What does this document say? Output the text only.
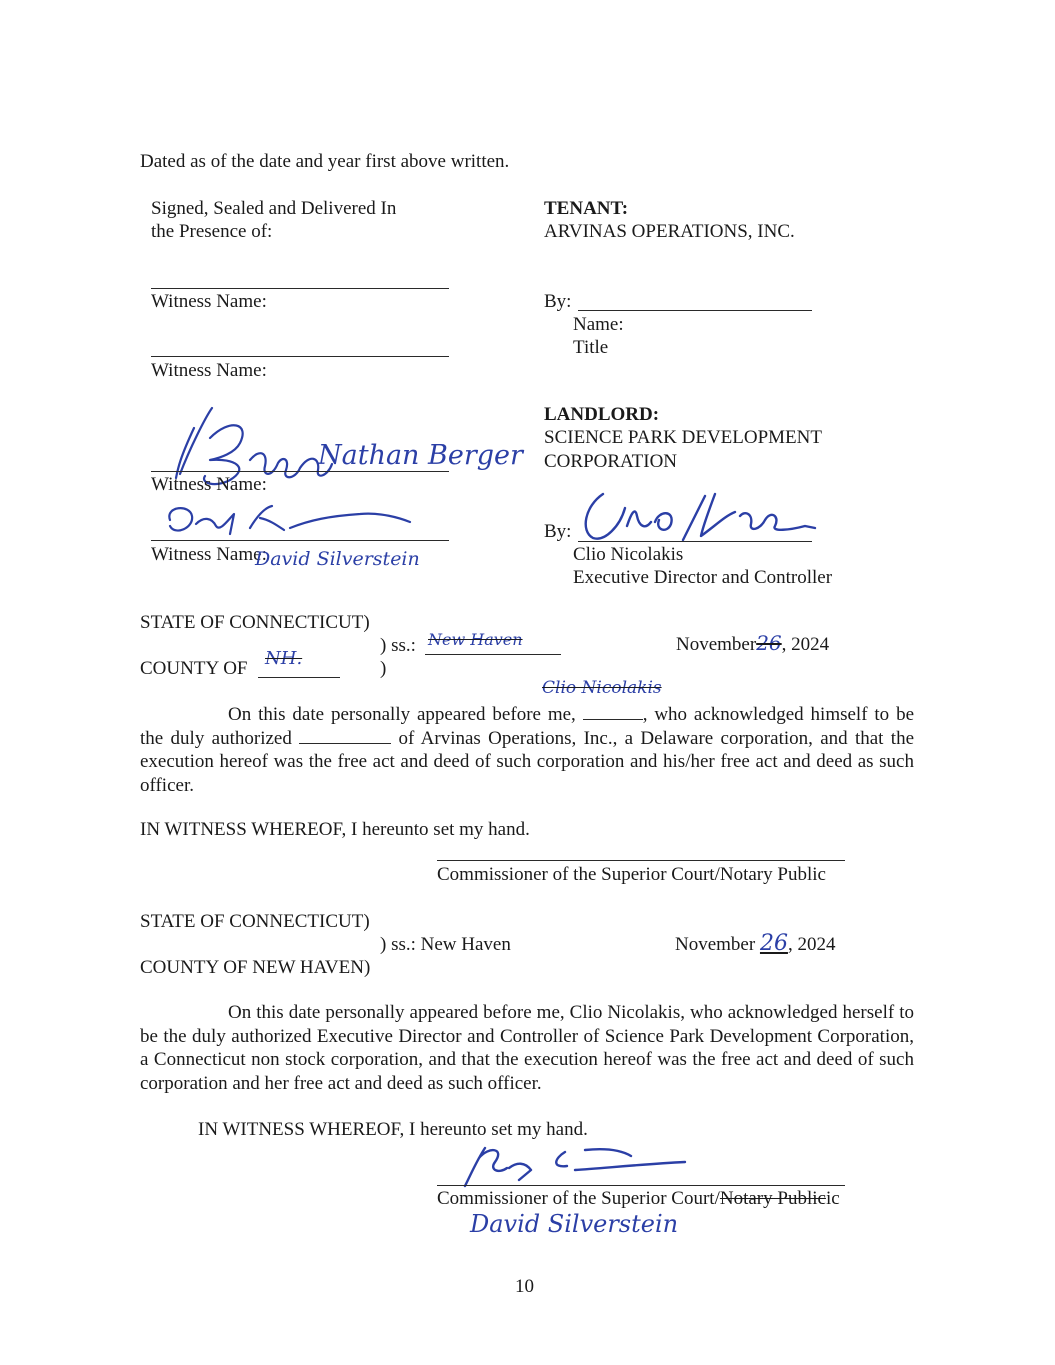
Dated as of the date and year first above written.
Signed, Sealed and Delivered In
the Presence of:
Witness Name:
Witness Name:
Nathan Berger
Witness Name:
Witness Name:
David Silverstein
TENANT:
ARVINAS OPERATIONS, INC.
By:
Name:
Title
LANDLORD:
SCIENCE PARK DEVELOPMENT
CORPORATION
By:
Clio Nicolakis
Executive Director and Controller
STATE OF CONNECTICUT)
) ss.: New Haven
COUNTY OF NH.	)
November26, 2024
Clio Nicolakis
On this date personally appeared before me,	, who acknowledged himself to be the duly authorized	of Arvinas Operations, Inc., a Delaware corporation, and that the execution hereof was the free act and deed of such corporation and his/her free act and deed as such officer.
IN WITNESS WHEREOF, I hereunto set my hand.
Commissioner of the Superior Court/Notary Public
STATE OF CONNECTICUT)
) ss.: New Haven
COUNTY OF NEW HAVEN)
November 26, 2024
On this date personally appeared before me, Clio Nicolakis, who acknowledged herself to be the duly authorized Executive Director and Controller of Science Park Development Corporation, a Connecticut non stock corporation, and that the execution hereof was the free act and deed of such corporation and her free act and deed as such officer.
IN WITNESS WHEREOF, I hereunto set my hand.
Commissioner of the Superior Court/Notary Publicic
David Silverstein
10
